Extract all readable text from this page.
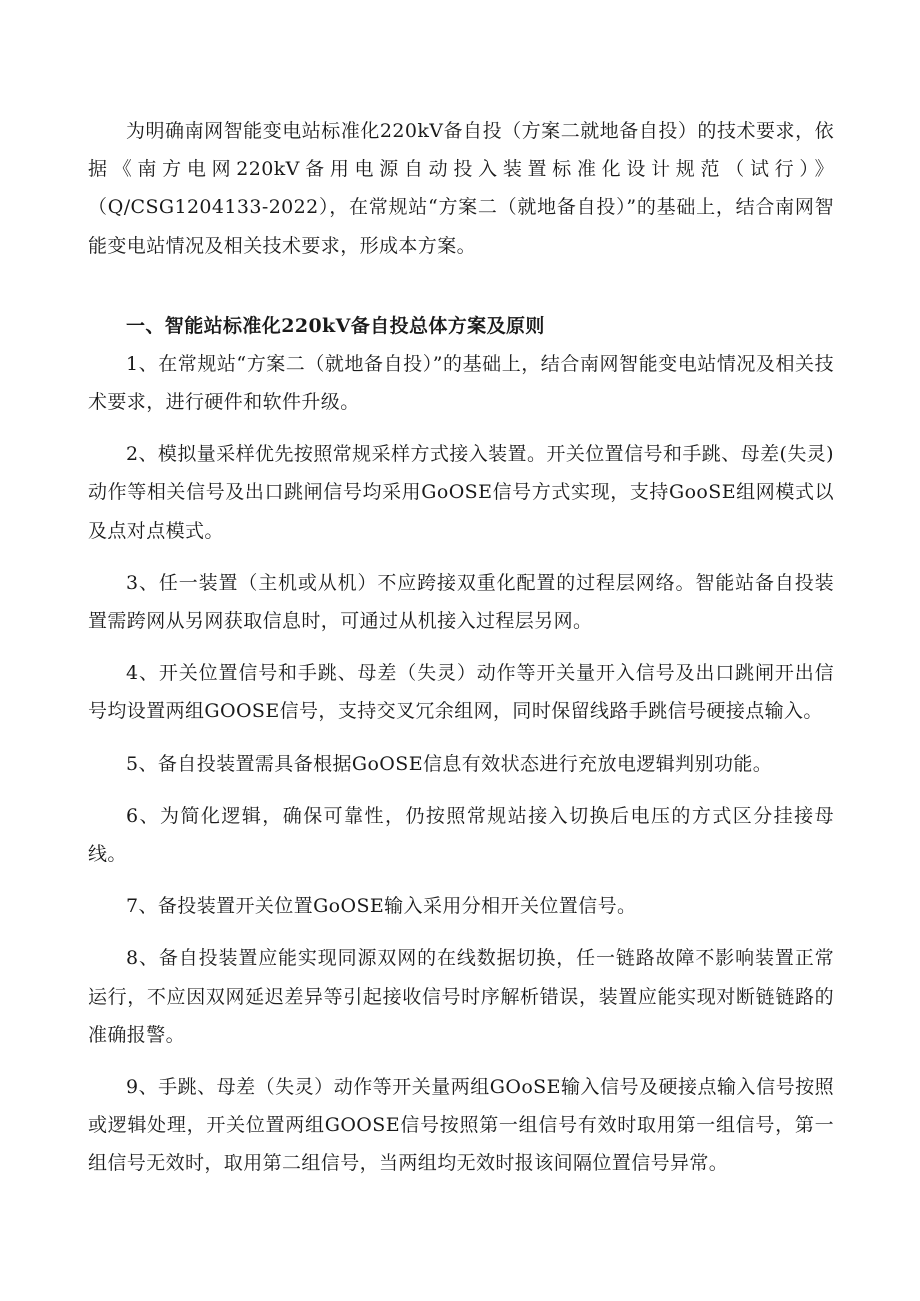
为明确南网智能变电站标准化220kV备自投（方案二就地备自投）的技术要求，依据《南方电网220kV备用电源自动投入装置标准化设计规范（试行）》（Q/CSG1204133-2022），在常规站“方案二（就地备自投）”的基础上，结合南网智能变电站情况及相关技术要求，形成本方案。

一、智能站标准化220kV备自投总体方案及原则

1、在常规站“方案二（就地备自投）”的基础上，结合南网智能变电站情况及相关技术要求，进行硬件和软件升级。

2、模拟量采样优先按照常规采样方式接入装置。开关位置信号和手跳、母差(失灵)动作等相关信号及出口跳闸信号均采用GoOSE信号方式实现，支持GooSE组网模式以及点对点模式。

3、任一装置（主机或从机）不应跨接双重化配置的过程层网络。智能站备自投装置需跨网从另网获取信息时，可通过从机接入过程层另网。

4、开关位置信号和手跳、母差（失灵）动作等开关量开入信号及出口跳闸开出信号均设置两组GOOSE信号，支持交叉冗余组网，同时保留线路手跳信号硬接点输入。

5、备自投装置需具备根据GoOSE信息有效状态进行充放电逻辑判别功能。

6、为简化逻辑，确保可靠性，仍按照常规站接入切换后电压的方式区分挂接母线。

7、备投装置开关位置GoOSE输入采用分相开关位置信号。

8、备自投装置应能实现同源双网的在线数据切换，任一链路故障不影响装置正常运行，不应因双网延迟差异等引起接收信号时序解析错误，装置应能实现对断链链路的准确报警。

9、手跳、母差（失灵）动作等开关量两组GOoSE输入信号及硬接点输入信号按照或逻辑处理，开关位置两组GOOSE信号按照第一组信号有效时取用第一组信号，第一组信号无效时，取用第二组信号，当两组均无效时报该间隔位置信号异常。
